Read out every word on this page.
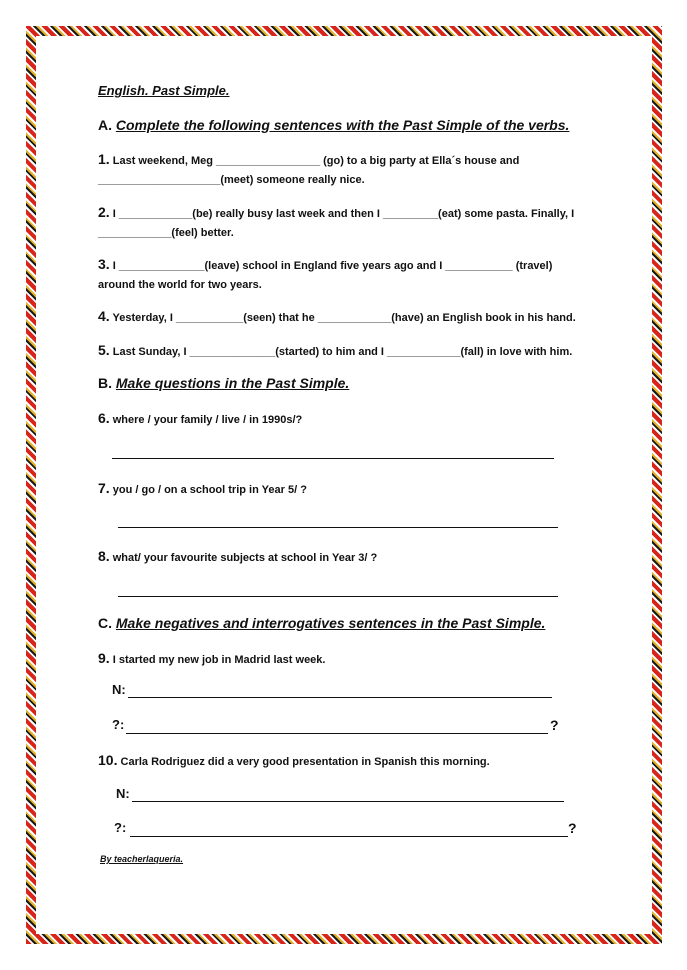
English. Past Simple.
A. Complete the following sentences with the Past Simple of the verbs.
1. Last weekend, Meg _________________ (go) to a big party at Ella´s house and
____________________(meet) someone really nice.
2. I ____________(be) really busy last week and then I _________(eat) some pasta. Finally, I
____________(feel) better.
3. I ______________(leave) school in England five years ago and I ___________ (travel)
around the world for two years.
4. Yesterday, I ___________(seen) that he ____________(have) an English book in his hand.
5. Last Sunday, I ______________(started) to him and I ____________(fall) in love with him.
B. Make questions in the Past Simple.
6. where / your family / live / in 1990s/?
7. you / go / on a school trip in Year 5/ ?
8. what/ your favourite subjects at school in Year 3/ ?
C. Make negatives and interrogatives sentences in the Past Simple.
9. I started my new job in Madrid last week.
N:
?:	?
10. Carla Rodriguez did a very good presentation in Spanish this morning.
N:
?:	?
By teacherlaqueria.
